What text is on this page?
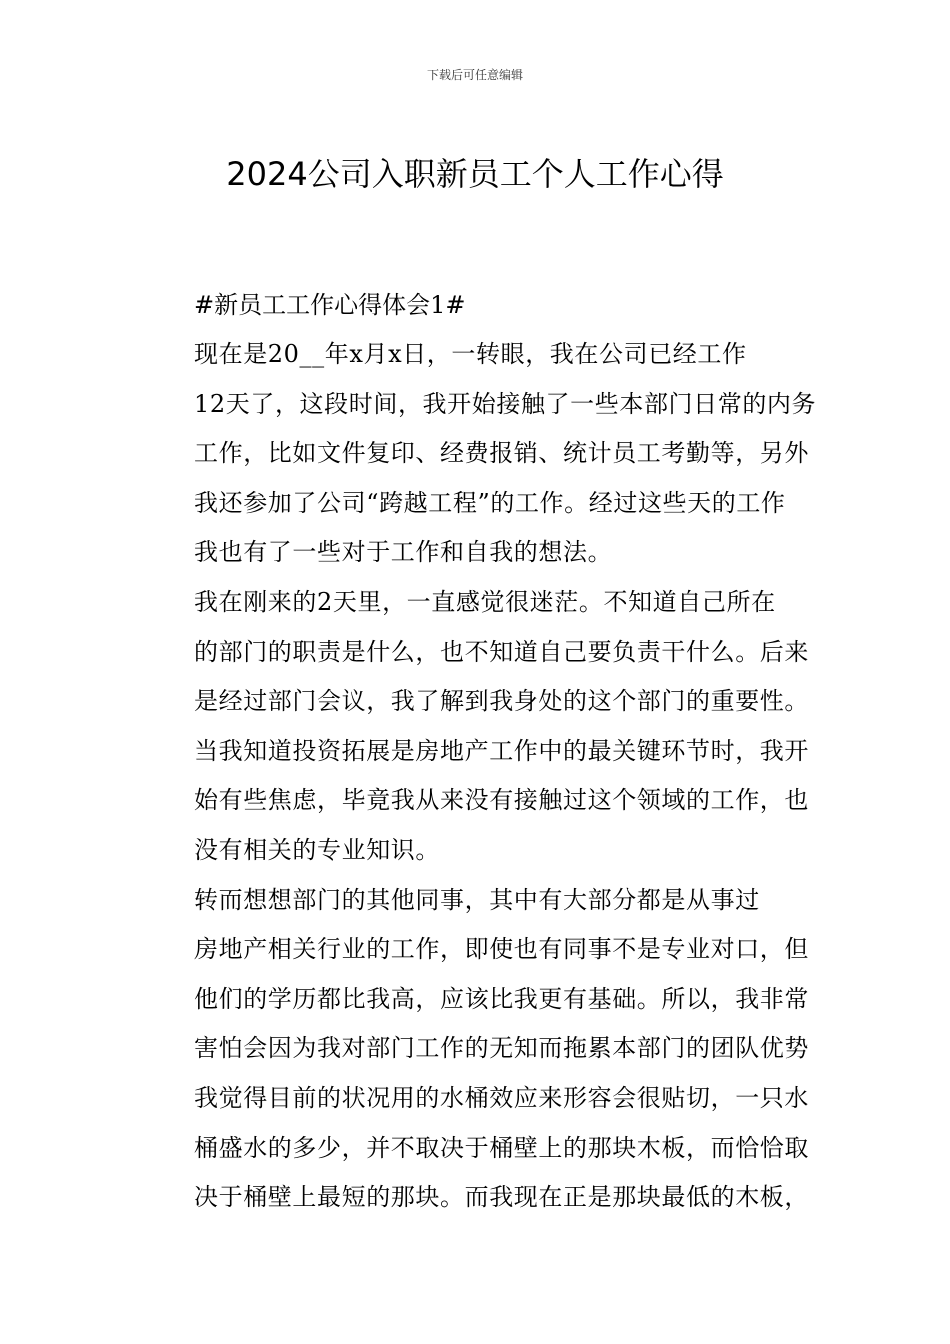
下载后可任意编辑
2024公司入职新员工个人工作心得

#新员工工作心得体会1#

现在是20__年x月x日，一转眼，我在公司已经工作
12天了，这段时间，我开始接触了一些本部门日常的内务
工作，比如文件复印、经费报销、统计员工考勤等，另外
我还参加了公司“跨越工程”的工作。经过这些天的工作
我也有了一些对于工作和自我的想法。

我在刚来的2天里，一直感觉很迷茫。不知道自己所在
的部门的职责是什么，也不知道自己要负责干什么。后来
是经过部门会议，我了解到我身处的这个部门的重要性。
当我知道投资拓展是房地产工作中的最关键环节时，我开
始有些焦虑，毕竟我从来没有接触过这个领域的工作，也
没有相关的专业知识。

转而想想部门的其他同事，其中有大部分都是从事过
房地产相关行业的工作，即使也有同事不是专业对口，但
他们的学历都比我高，应该比我更有基础。所以，我非常
害怕会因为我对部门工作的无知而拖累本部门的团队优势
我觉得目前的状况用的水桶效应来形容会很贴切，一只水
桶盛水的多少，并不取决于桶壁上的那块木板，而恰恰取
决于桶壁上最短的那块。而我现在正是那块最低的木板，
